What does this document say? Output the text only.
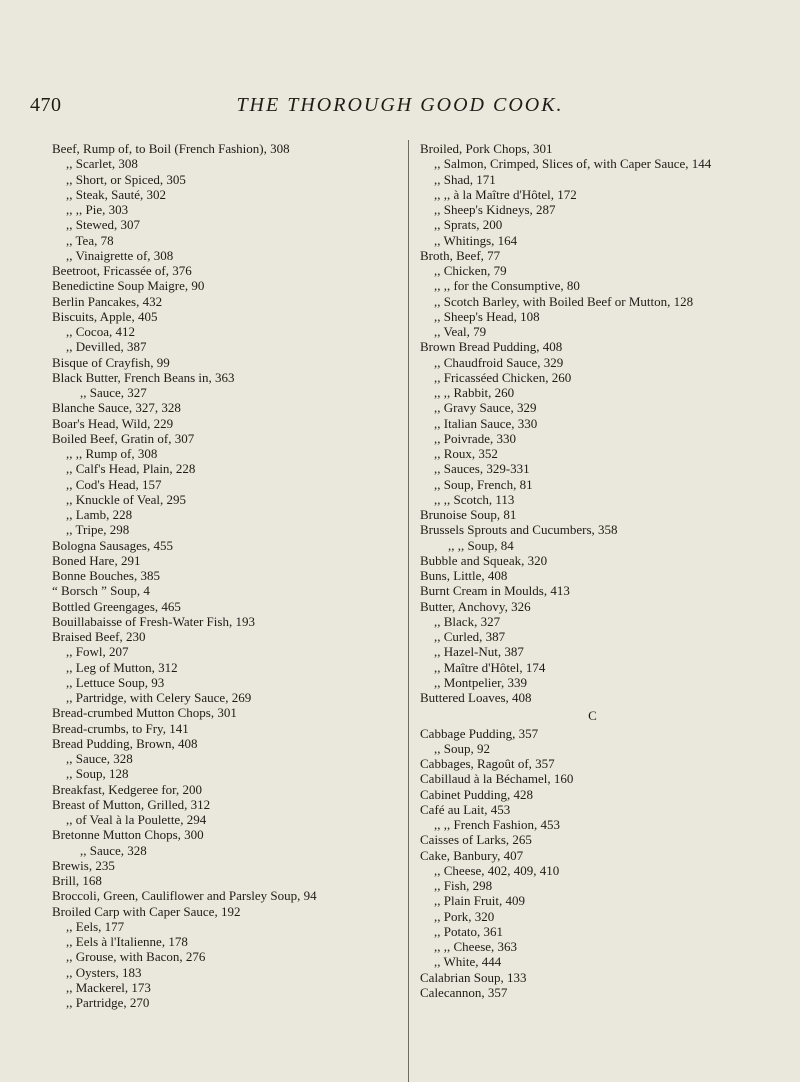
470	THE THOROUGH GOOD COOK.
Beef, Rump of, to Boil (French Fashion), 308
,, Scarlet, 308
,, Short, or Spiced, 305
,, Steak, Sauté, 302
,, ,, Pie, 303
,, Stewed, 307
,, Tea, 78
,, Vinaigrette of, 308
Beetroot, Fricassée of, 376
Benedictine Soup Maigre, 90
Berlin Pancakes, 432
Biscuits, Apple, 405
,, Cocoa, 412
,, Devilled, 387
Bisque of Crayfish, 99
Black Butter, French Beans in, 363
,, Sauce, 327
Blanche Sauce, 327, 328
Boar's Head, Wild, 229
Boiled Beef, Gratin of, 307
,, ,, Rump of, 308
,, Calf's Head, Plain, 228
,, Cod's Head, 157
,, Knuckle of Veal, 295
,, Lamb, 228
,, Tripe, 298
Bologna Sausages, 455
Boned Hare, 291
Bonne Bouches, 385
“ Borsch ” Soup, 4
Bottled Greengages, 465
Bouillabaisse of Fresh-Water Fish, 193
Braised Beef, 230
,, Fowl, 207
,, Leg of Mutton, 312
,, Lettuce Soup, 93
,, Partridge, with Celery Sauce, 269
Bread-crumbed Mutton Chops, 301
Bread-crumbs, to Fry, 141
Bread Pudding, Brown, 408
,, Sauce, 328
,, Soup, 128
Breakfast, Kedgeree for, 200
Breast of Mutton, Grilled, 312
,, of Veal à la Poulette, 294
Bretonne Mutton Chops, 300
,, Sauce, 328
Brewis, 235
Brill, 168
Broccoli, Green, Cauliflower and Parsley Soup, 94
Broiled Carp with Caper Sauce, 192
,, Eels, 177
,, Eels à l'Italienne, 178
,, Grouse, with Bacon, 276
,, Oysters, 183
,, Mackerel, 173
,, Partridge, 270
Broiled, Pork Chops, 301
,, Salmon, Crimped, Slices of, with Caper Sauce, 144
,, Shad, 171
,, ,, à la Maître d'Hôtel, 172
,, Sheep's Kidneys, 287
,, Sprats, 200
,, Whitings, 164
Broth, Beef, 77
,, Chicken, 79
,, ,, for the Consumptive, 80
,, Scotch Barley, with Boiled Beef or Mutton, 128
,, Sheep's Head, 108
,, Veal, 79
Brown Bread Pudding, 408
,, Chaudfroid Sauce, 329
,, Fricasséed Chicken, 260
,, ,, Rabbit, 260
,, Gravy Sauce, 329
,, Italian Sauce, 330
,, Poivrade, 330
,, Roux, 352
,, Sauces, 329-331
,, Soup, French, 81
,, ,, Scotch, 113
Brunoise Soup, 81
Brussels Sprouts and Cucumbers, 358
,, ,, Soup, 84
Bubble and Squeak, 320
Buns, Little, 408
Burnt Cream in Moulds, 413
Butter, Anchovy, 326
,, Black, 327
,, Curled, 387
,, Hazel-Nut, 387
,, Maître d'Hôtel, 174
,, Montpelier, 339
Buttered Loaves, 408
C
Cabbage Pudding, 357
,, Soup, 92
Cabbages, Ragoût of, 357
Cabillaud à la Béchamel, 160
Cabinet Pudding, 428
Café au Lait, 453
,, ,, French Fashion, 453
Caisses of Larks, 265
Cake, Banbury, 407
,, Cheese, 402, 409, 410
,, Fish, 298
,, Plain Fruit, 409
,, Pork, 320
,, Potato, 361
,, ,, Cheese, 363
,, White, 444
Calabrian Soup, 133
Calecannon, 357
